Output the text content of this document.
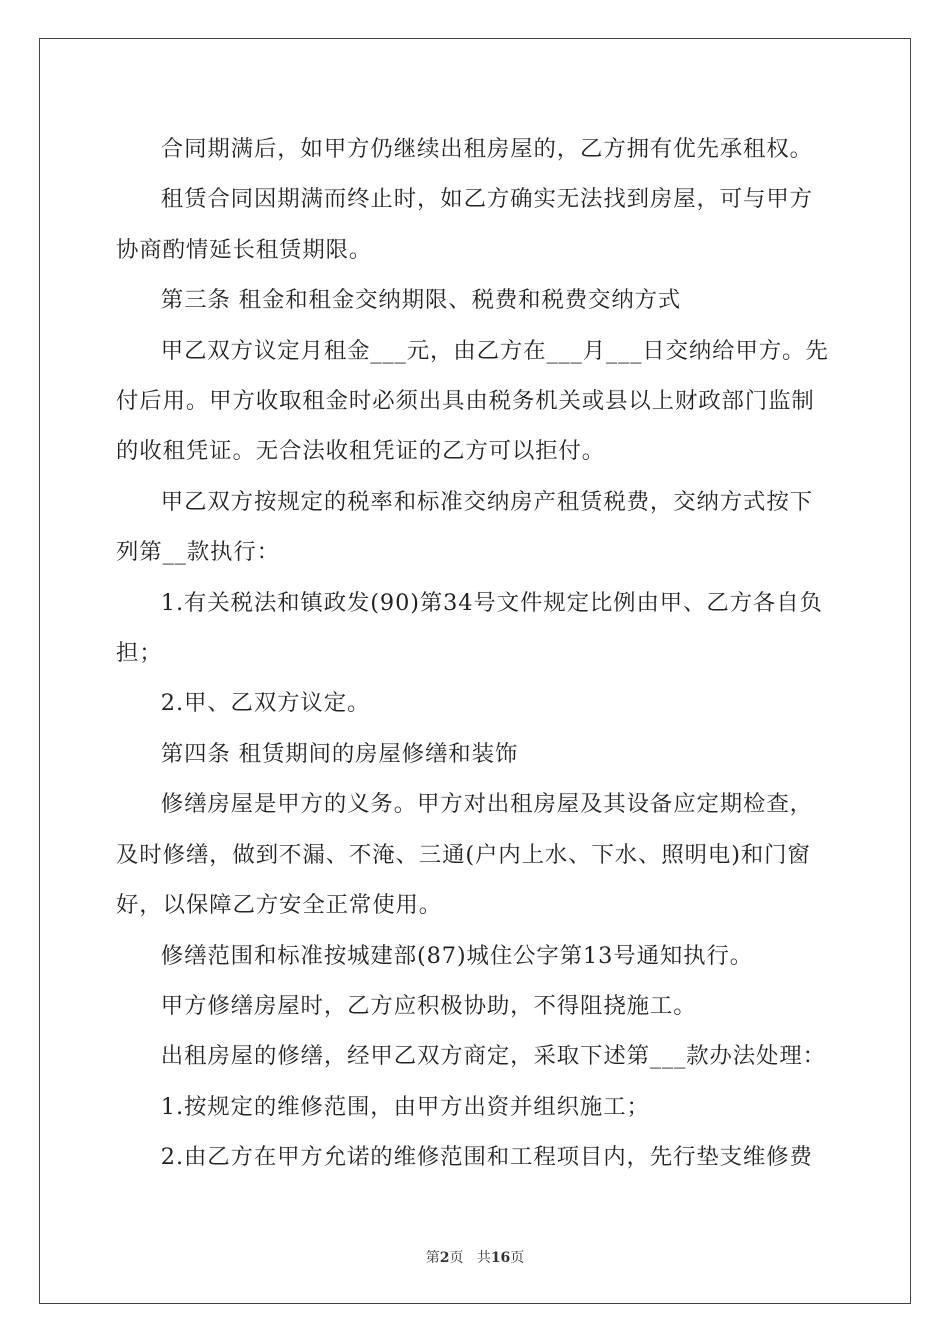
合同期满后，如甲方仍继续出租房屋的，乙方拥有优先承租权。

租赁合同因期满而终止时，如乙方确实无法找到房屋，可与甲方协商酌情延长租赁期限。

第三条 租金和租金交纳期限、税费和税费交纳方式

甲乙双方议定月租金___元，由乙方在___月___日交纳给甲方。先付后用。甲方收取租金时必须出具由税务机关或县以上财政部门监制的收租凭证。无合法收租凭证的乙方可以拒付。

甲乙双方按规定的税率和标准交纳房产租赁税费，交纳方式按下列第__款执行：

1.有关税法和镇政发(90)第34号文件规定比例由甲、乙方各自负担；

2.甲、乙双方议定。

第四条 租赁期间的房屋修缮和装饰

修缮房屋是甲方的义务。甲方对出租房屋及其设备应定期检查，及时修缮，做到不漏、不淹、三通(户内上水、下水、照明电)和门窗好，以保障乙方安全正常使用。

修缮范围和标准按城建部(87)城住公字第13号通知执行。

甲方修缮房屋时，乙方应积极协助，不得阻挠施工。

出租房屋的修缮，经甲乙双方商定，采取下述第___款办法处理：

1.按规定的维修范围，由甲方出资并组织施工；

2.由乙方在甲方允诺的维修范围和工程项目内，先行垫支维修费

第2页 共16页
